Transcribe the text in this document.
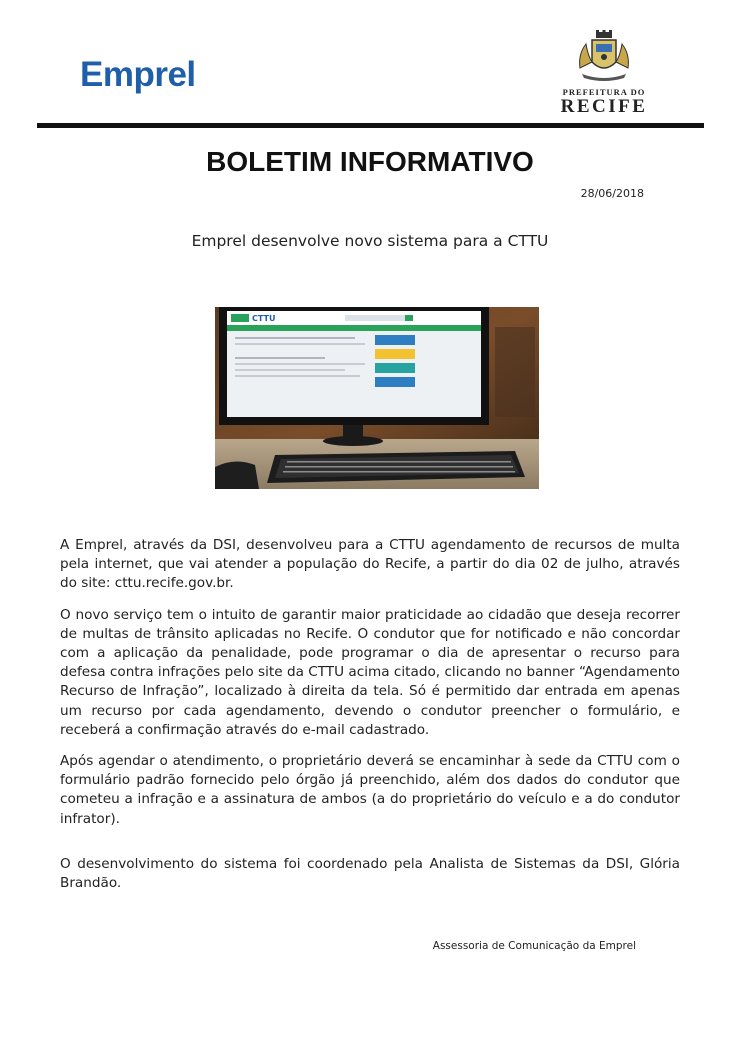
Emprel	PREFEITURA DO
RECIFE
BOLETIM INFORMATIVO
28/06/2018
Emprel desenvolve novo sistema para a CTTU
CTTU

A Emprel, através da DSI, desenvolveu para a CTTU agendamento de recursos de multa pela internet, que vai atender a população do Recife, a partir do dia 02 de julho, através do site: cttu.recife.gov.br.

O novo serviço tem o intuito de garantir maior praticidade ao cidadão que deseja recorrer de multas de trânsito aplicadas no Recife. O condutor que for notificado e não concordar com a aplicação da penalidade, pode programar o dia de apresentar o recurso para defesa contra infrações pelo site da CTTU acima citado, clicando no banner “Agendamento Recurso de Infração”, localizado à direita da tela. Só é permitido dar entrada em apenas um recurso por cada agendamento, devendo o condutor preencher o formulário, e receberá a confirmação através do e-mail cadastrado.

Após agendar o atendimento, o proprietário deverá se encaminhar à sede da CTTU com o formulário padrão fornecido pelo órgão já preenchido, além dos dados do condutor que cometeu a infração e a assinatura de ambos (a do proprietário do veículo e a do condutor infrator).

O desenvolvimento do sistema foi coordenado pela Analista de Sistemas da DSI, Glória Brandão.

Assessoria de Comunicação da Emprel
